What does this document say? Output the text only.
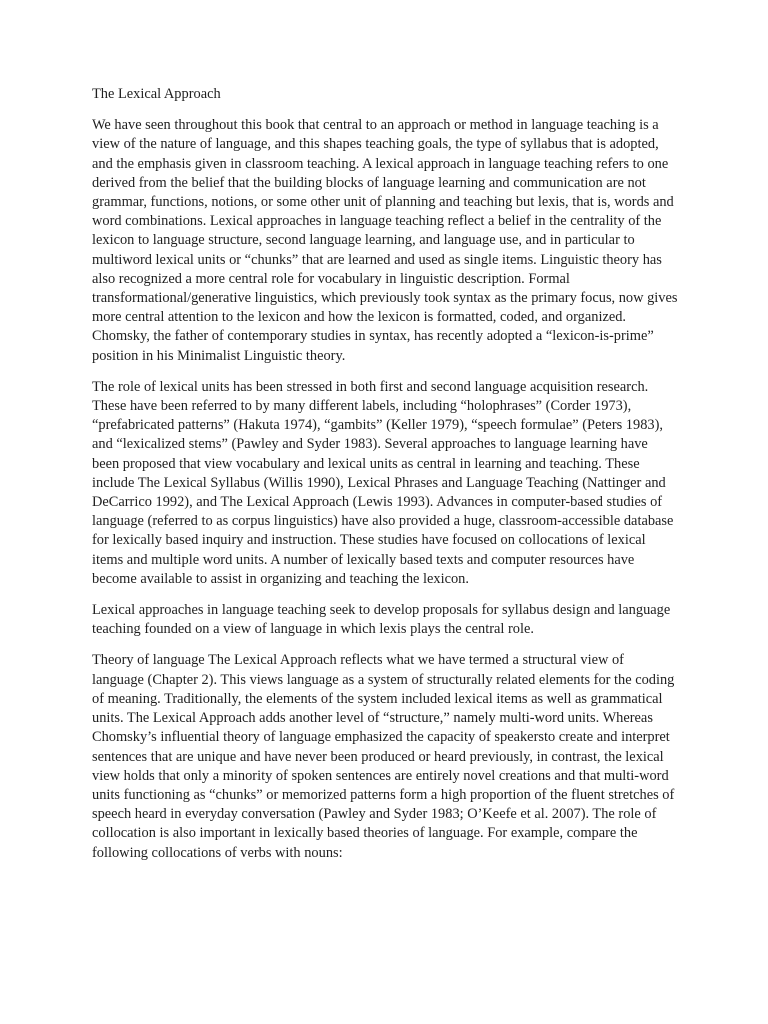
The Lexical Approach

We have seen throughout this book that central to an approach or method in language teaching is a view of the nature of language, and this shapes teaching goals, the type of syllabus that is adopted, and the emphasis given in classroom teaching. A lexical approach in language teaching refers to one derived from the belief that the building blocks of language learning and communication are not grammar, functions, notions, or some other unit of planning and teaching but lexis, that is, words and word combinations. Lexical approaches in language teaching reflect a belief in the centrality of the lexicon to language structure, second language learning, and language use, and in particular to multiword lexical units or “chunks” that are learned and used as single items. Linguistic theory has also recognized a more central role for vocabulary in linguistic description. Formal transformational/generative linguistics, which previously took syntax as the primary focus, now gives more central attention to the lexicon and how the lexicon is formatted, coded, and organized. Chomsky, the father of contemporary studies in syntax, has recently adopted a “lexicon-is-prime” position in his Minimalist Linguistic theory.

The role of lexical units has been stressed in both first and second language acquisition research. These have been referred to by many different labels, including “holophrases” (Corder 1973), “prefabricated patterns” (Hakuta 1974), “gambits” (Keller 1979), “speech formulae” (Peters 1983), and “lexicalized stems” (Pawley and Syder 1983). Several approaches to language learning have been proposed that view vocabulary and lexical units as central in learning and teaching. These include The Lexical Syllabus (Willis 1990), Lexical Phrases and Language Teaching (Nattinger and DeCarrico 1992), and The Lexical Approach (Lewis 1993). Advances in computer-based studies of language (referred to as corpus linguistics) have also provided a huge, classroom-accessible database for lexically based inquiry and instruction. These studies have focused on collocations of lexical items and multiple word units. A number of lexically based texts and computer resources have become available to assist in organizing and teaching the lexicon.

Lexical approaches in language teaching seek to develop proposals for syllabus design and language teaching founded on a view of language in which lexis plays the central role.

Theory of language The Lexical Approach reflects what we have termed a structural view of language (Chapter 2). This views language as a system of structurally related elements for the coding of meaning. Traditionally, the elements of the system included lexical items as well as grammatical units. The Lexical Approach adds another level of “structure,” namely multi-word units. Whereas Chomsky’s influential theory of language emphasized the capacity of speakersto create and interpret sentences that are unique and have never been produced or heard previously, in contrast, the lexical view holds that only a minority of spoken sentences are entirely novel creations and that multi-word units functioning as “chunks” or memorized patterns form a high proportion of the fluent stretches of speech heard in everyday conversation (Pawley and Syder 1983; O’Keefe et al. 2007). The role of collocation is also important in lexically based theories of language. For example, compare the following collocations of verbs with nouns:
